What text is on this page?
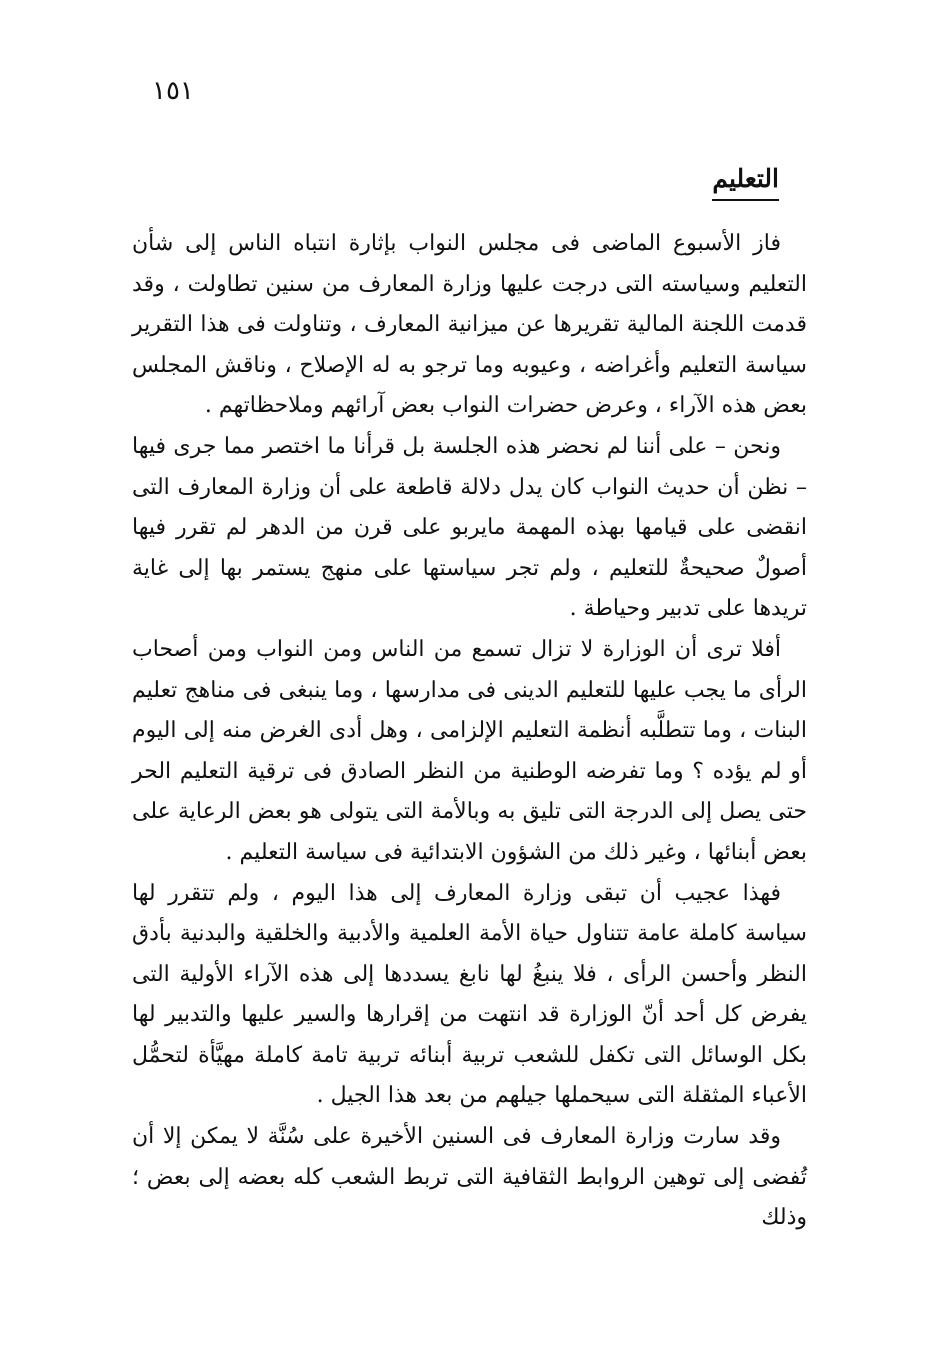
١٥١
التعليم

فاز الأسبوع الماضى فى مجلس النواب بإثارة انتباه الناس إلى شأن التعليم وسياسته التى درجت عليها وزارة المعارف من سنين تطاولت ، وقد قدمت اللجنة المالية تقريرها عن ميزانية المعارف ، وتناولت فى هذا التقرير سياسة التعليم وأغراضه ، وعيوبه وما ترجو به له الإصلاح ، وناقش المجلس بعض هذه الآراء ، وعرض حضرات النواب بعض آرائهم وملاحظاتهم .

ونحن – على أننا لم نحضر هذه الجلسة بل قرأنا ما اختصر مما جرى فيها – نظن أن حديث النواب كان يدل دلالة قاطعة على أن وزارة المعارف التى انقضى على قيامها بهذه المهمة مايربو على قرن من الدهر لم تقرر فيها أصولٌ صحيحةٌ للتعليم ، ولم تجر سياستها على منهج يستمر بها إلى غاية تريدها على تدبير وحياطة .

أفلا ترى أن الوزارة لا تزال تسمع من الناس ومن النواب ومن أصحاب الرأى ما يجب عليها للتعليم الدينى فى مدارسها ، وما ينبغى فى مناهج تعليم البنات ، وما تتطلَّبه أنظمة التعليم الإلزامى ، وهل أدى الغرض منه إلى اليوم أو لم يؤده ؟ وما تفرضه الوطنية من النظر الصادق فى ترقية التعليم الحر حتى يصل إلى الدرجة التى تليق به وبالأمة التى يتولى هو بعض الرعاية على بعض أبنائها ، وغير ذلك من الشؤون الابتدائية فى سياسة التعليم .

فهذا عجيب أن تبقى وزارة المعارف إلى هذا اليوم ، ولم تتقرر لها سياسة كاملة عامة تتناول حياة الأمة العلمية والأدبية والخلقية والبدنية بأدق النظر وأحسن الرأى ، فلا ينبغُ لها نابغ يسددها إلى هذه الآراء الأولية التى يفرض كل أحد أنّ الوزارة قد انتهت من إقرارها والسير عليها والتدبير لها بكل الوسائل التى تكفل للشعب تربية أبنائه تربية تامة كاملة مهيَّأة لتحمُّل الأعباء المثقلة التى سيحملها جيلهم من بعد هذا الجيل .

وقد سارت وزارة المعارف فى السنين الأخيرة على سُنَّة لا يمكن إلا أن تُفضى إلى توهين الروابط الثقافية التى تربط الشعب كله بعضه إلى بعض ؛ وذلك
